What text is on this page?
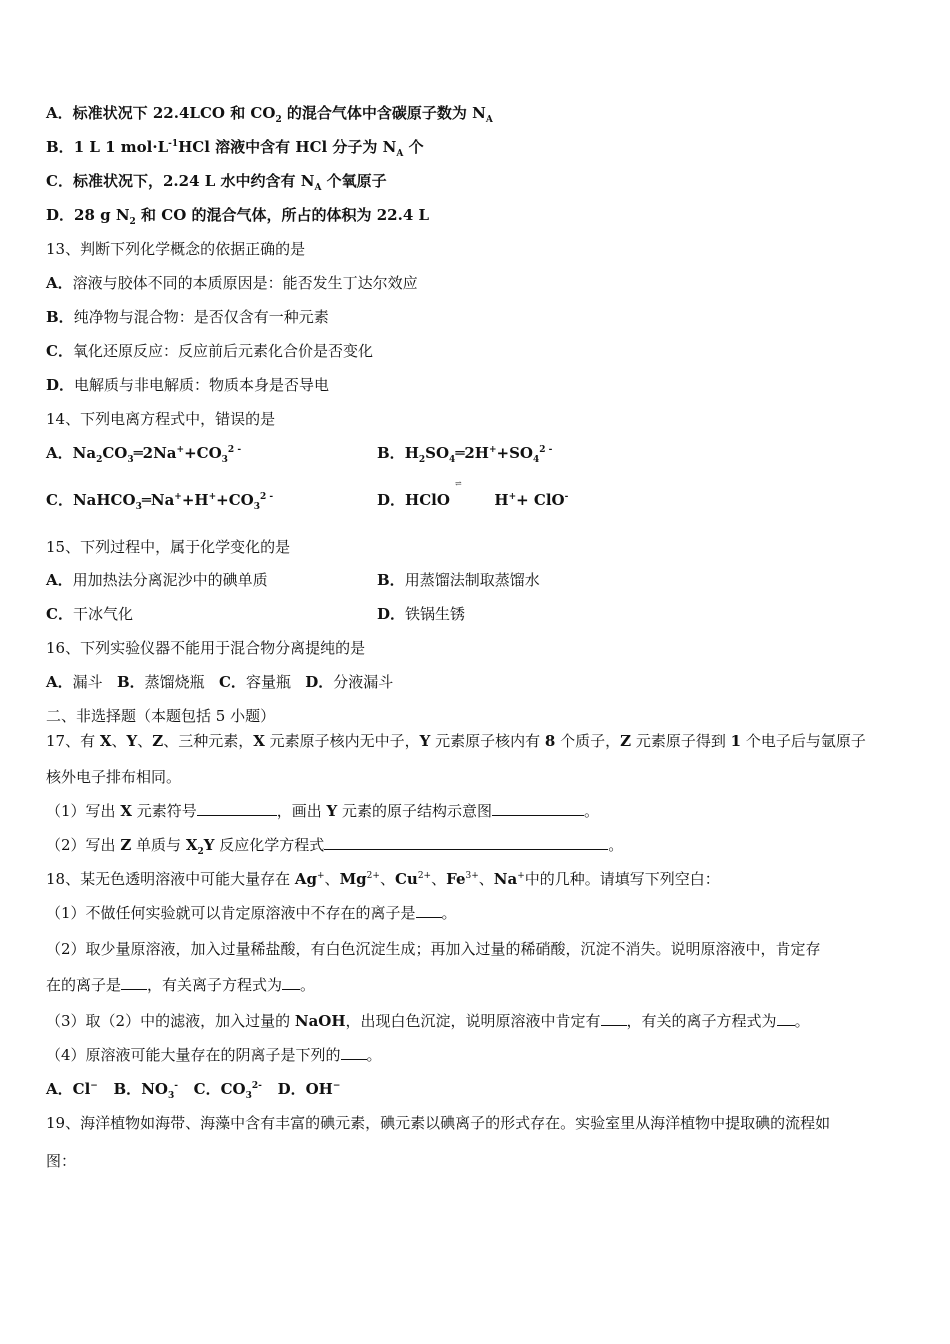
A．标准状况下 22.4LCO 和 $CO_2$ 的混合气体中含碳原子数为 $N_A$
B．1 L 1 $mol\cdot L^{-1}HCl$ 溶液中含有 HCl 分子为 $N_A$ 个
C．标准状况下，2.24 L 水中约含有 $N_A$ 个氧原子
D．28 g $N_2$ 和 CO 的混合气体，所占的体积为 22.4 L
13、判断下列化学概念的依据正确的是
A．溶液与胶体不同的本质原因是：能否发生丁达尔效应
B．纯净物与混合物：是否仅含有一种元素
C．氧化还原反应：反应前后元素化合价是否变化
D．电解质与非电解质：物质本身是否导电
14、下列电离方程式中，错误的是
A．$Na_2CO_3═2Na^++CO_3^{2 -}$	B．$H_2SO_4═2H^++SO_4^{2 -}$
C．$NaHCO_3═Na^++H^++CO_3^{2 -}$	D．HClO	H++ ClO-
⇌
15、下列过程中，属于化学变化的是
A．用加热法分离泥沙中的碘单质	B．用蒸馏法制取蒸馏水
C．干冰气化	D．铁锅生锈
16、下列实验仪器不能用于混合物分离提纯的是
A．漏斗 B．蒸馏烧瓶 C．容量瓶 D．分液漏斗
二、非选择题（本题包括 5 小题）
17、有 X、Y、Z、三种元素，X 元素原子核内无中子，Y 元素原子核内有 8 个质子，Z 元素原子得到 1 个电子后与氩原子
核外电子排布相同。
（1）写出 X 元素符号	，画出 Y 元素的原子结构示意图	。
（2）写出 Z 单质与 $X_2Y$ 反应化学方程式	。
18、某无色透明溶液中可能大量存在 Ag+、$Mg^{2+}$、$Cu^{2+}$、$Fe^{3+}$、Na+中的几种。请填写下列空白：
（1）不做任何实验就可以肯定原溶液中不存在的离子是 。
（2）取少量原溶液，加入过量稀盐酸，有白色沉淀生成；再加入过量的稀硝酸，沉淀不消失。说明原溶液中，肯定存
在的离子是 ，有关离子方程式为 。
（3）取（2）中的滤液，加入过量的 NaOH，出现白色沉淀，说明原溶液中肯定有 ，有关的离子方程式为 。
（4）原溶液可能大量存在的阴离子是下列的 。
A．Cl− B．$NO_3^-$ C．$CO_3^{2-}$ D．OH−
19、海洋植物如海带、海藻中含有丰富的碘元素，碘元素以碘离子的形式存在。实验室里从海洋植物中提取碘的流程如
图：
